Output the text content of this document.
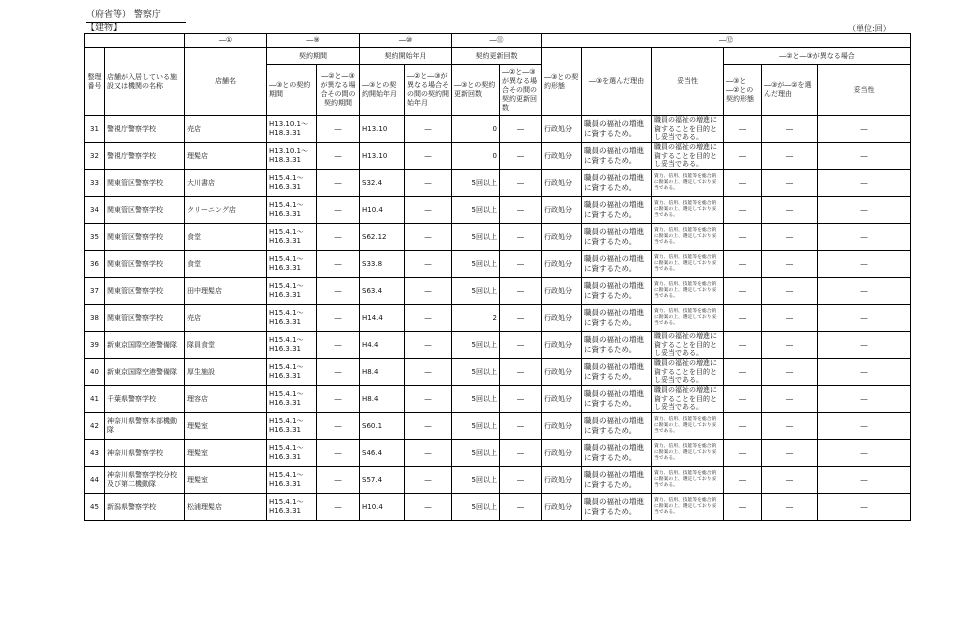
（府省等） 警察庁
【建物】	（単位:回）
		―①	―⑨		―⑩		―⑪		―⑫					
整理番号	店舗が入居している施設又は機関の名称	店舗名	契約期間		契約開始年月		契約更新回数		―③との契約形態	―③を選んだ理由	妥当性	―②と―③が異なる場合		
			―③との契約期間	―②と―③が異なる場合その間の契約期間	―③との契約開始年月	―②と―③が異なる場合その間の契約開始年月	―③との契約更新回数	―②と―③が異なる場合その間の契約更新回数				―③と―②との契約形態	―③が―②を選んだ理由	妥当性
31	警視庁警察学校	売店	H13.10.1～H18.3.31	―	H13.10	―	0	―	行政処分	職員の福祉の増進に資するため。	職員の福祉の増進に資することを目的とし妥当である。	―	―	―
32	警視庁警察学校	理髪店	H13.10.1～H18.3.31	―	H13.10	―	0	―	行政処分	職員の福祉の増進に資するため。	職員の福祉の増進に資することを目的とし妥当である。	―	―	―
33	関東管区警察学校	大川書店	H15.4.1～H16.3.31	―	S32.4	―	5回以上	―	行政処分	職員の福祉の増進に資するため。	資力、信用、技能等を総合的に勘案の上、選定しており妥当である。	―	―	―
34	関東管区警察学校	クリーニング店	H15.4.1～H16.3.31	―	H10.4	―	5回以上	―	行政処分	職員の福祉の増進に資するため。	資力、信用、技能等を総合的に勘案の上、選定しており妥当である。	―	―	―
35	関東管区警察学校	食堂	H15.4.1～H16.3.31	―	S62.12	―	5回以上	―	行政処分	職員の福祉の増進に資するため。	資力、信用、技能等を総合的に勘案の上、選定しており妥当である。	―	―	―
36	関東管区警察学校	食堂	H15.4.1～H16.3.31	―	S33.8	―	5回以上	―	行政処分	職員の福祉の増進に資するため。	資力、信用、技能等を総合的に勘案の上、選定しており妥当である。	―	―	―
37	関東管区警察学校	田中理髪店	H15.4.1～H16.3.31	―	S63.4	―	5回以上	―	行政処分	職員の福祉の増進に資するため。	資力、信用、技能等を総合的に勘案の上、選定しており妥当である。	―	―	―
38	関東管区警察学校	売店	H15.4.1～H16.3.31	―	H14.4	―	2	―	行政処分	職員の福祉の増進に資するため。	資力、信用、技能等を総合的に勘案の上、選定しており妥当である。	―	―	―
39	新東京国際空港警備隊	隊員食堂	H15.4.1～H16.3.31	―	H4.4	―	5回以上	―	行政処分	職員の福祉の増進に資するため。	職員の福祉の増進に資することを目的とし妥当である。	―	―	―
40	新東京国際空港警備隊	厚生施設	H15.4.1～H16.3.31	―	H8.4	―	5回以上	―	行政処分	職員の福祉の増進に資するため。	職員の福祉の増進に資することを目的とし妥当である。	―	―	―
41	千葉県警察学校	理容店	H15.4.1～H16.3.31	―	H8.4	―	5回以上	―	行政処分	職員の福祉の増進に資するため。	職員の福祉の増進に資することを目的とし妥当である。	―	―	―
42	神奈川県警察本部機動隊	理髪室	H15.4.1～H16.3.31	―	S60.1	―	5回以上	―	行政処分	職員の福祉の増進に資するため。	資力、信用、技能等を総合的に勘案の上、選定しており妥当である。	―	―	―
43	神奈川県警察学校	理髪室	H15.4.1～H16.3.31	―	S46.4	―	5回以上	―	行政処分	職員の福祉の増進に資するため。	資力、信用、技能等を総合的に勘案の上、選定しており妥当である。	―	―	―
44	神奈川県警察学校分校及び第二機動隊	理髪室	H15.4.1～H16.3.31	―	S57.4	―	5回以上	―	行政処分	職員の福祉の増進に資するため。	資力、信用、技能等を総合的に勘案の上、選定しており妥当である。	―	―	―
45	新潟県警察学校	松浦理髪店	H15.4.1～H16.3.31	―	H10.4	―	5回以上	―	行政処分	職員の福祉の増進に資するため。	資力、信用、技能等を総合的に勘案の上、選定しており妥当である。	―	―	―
